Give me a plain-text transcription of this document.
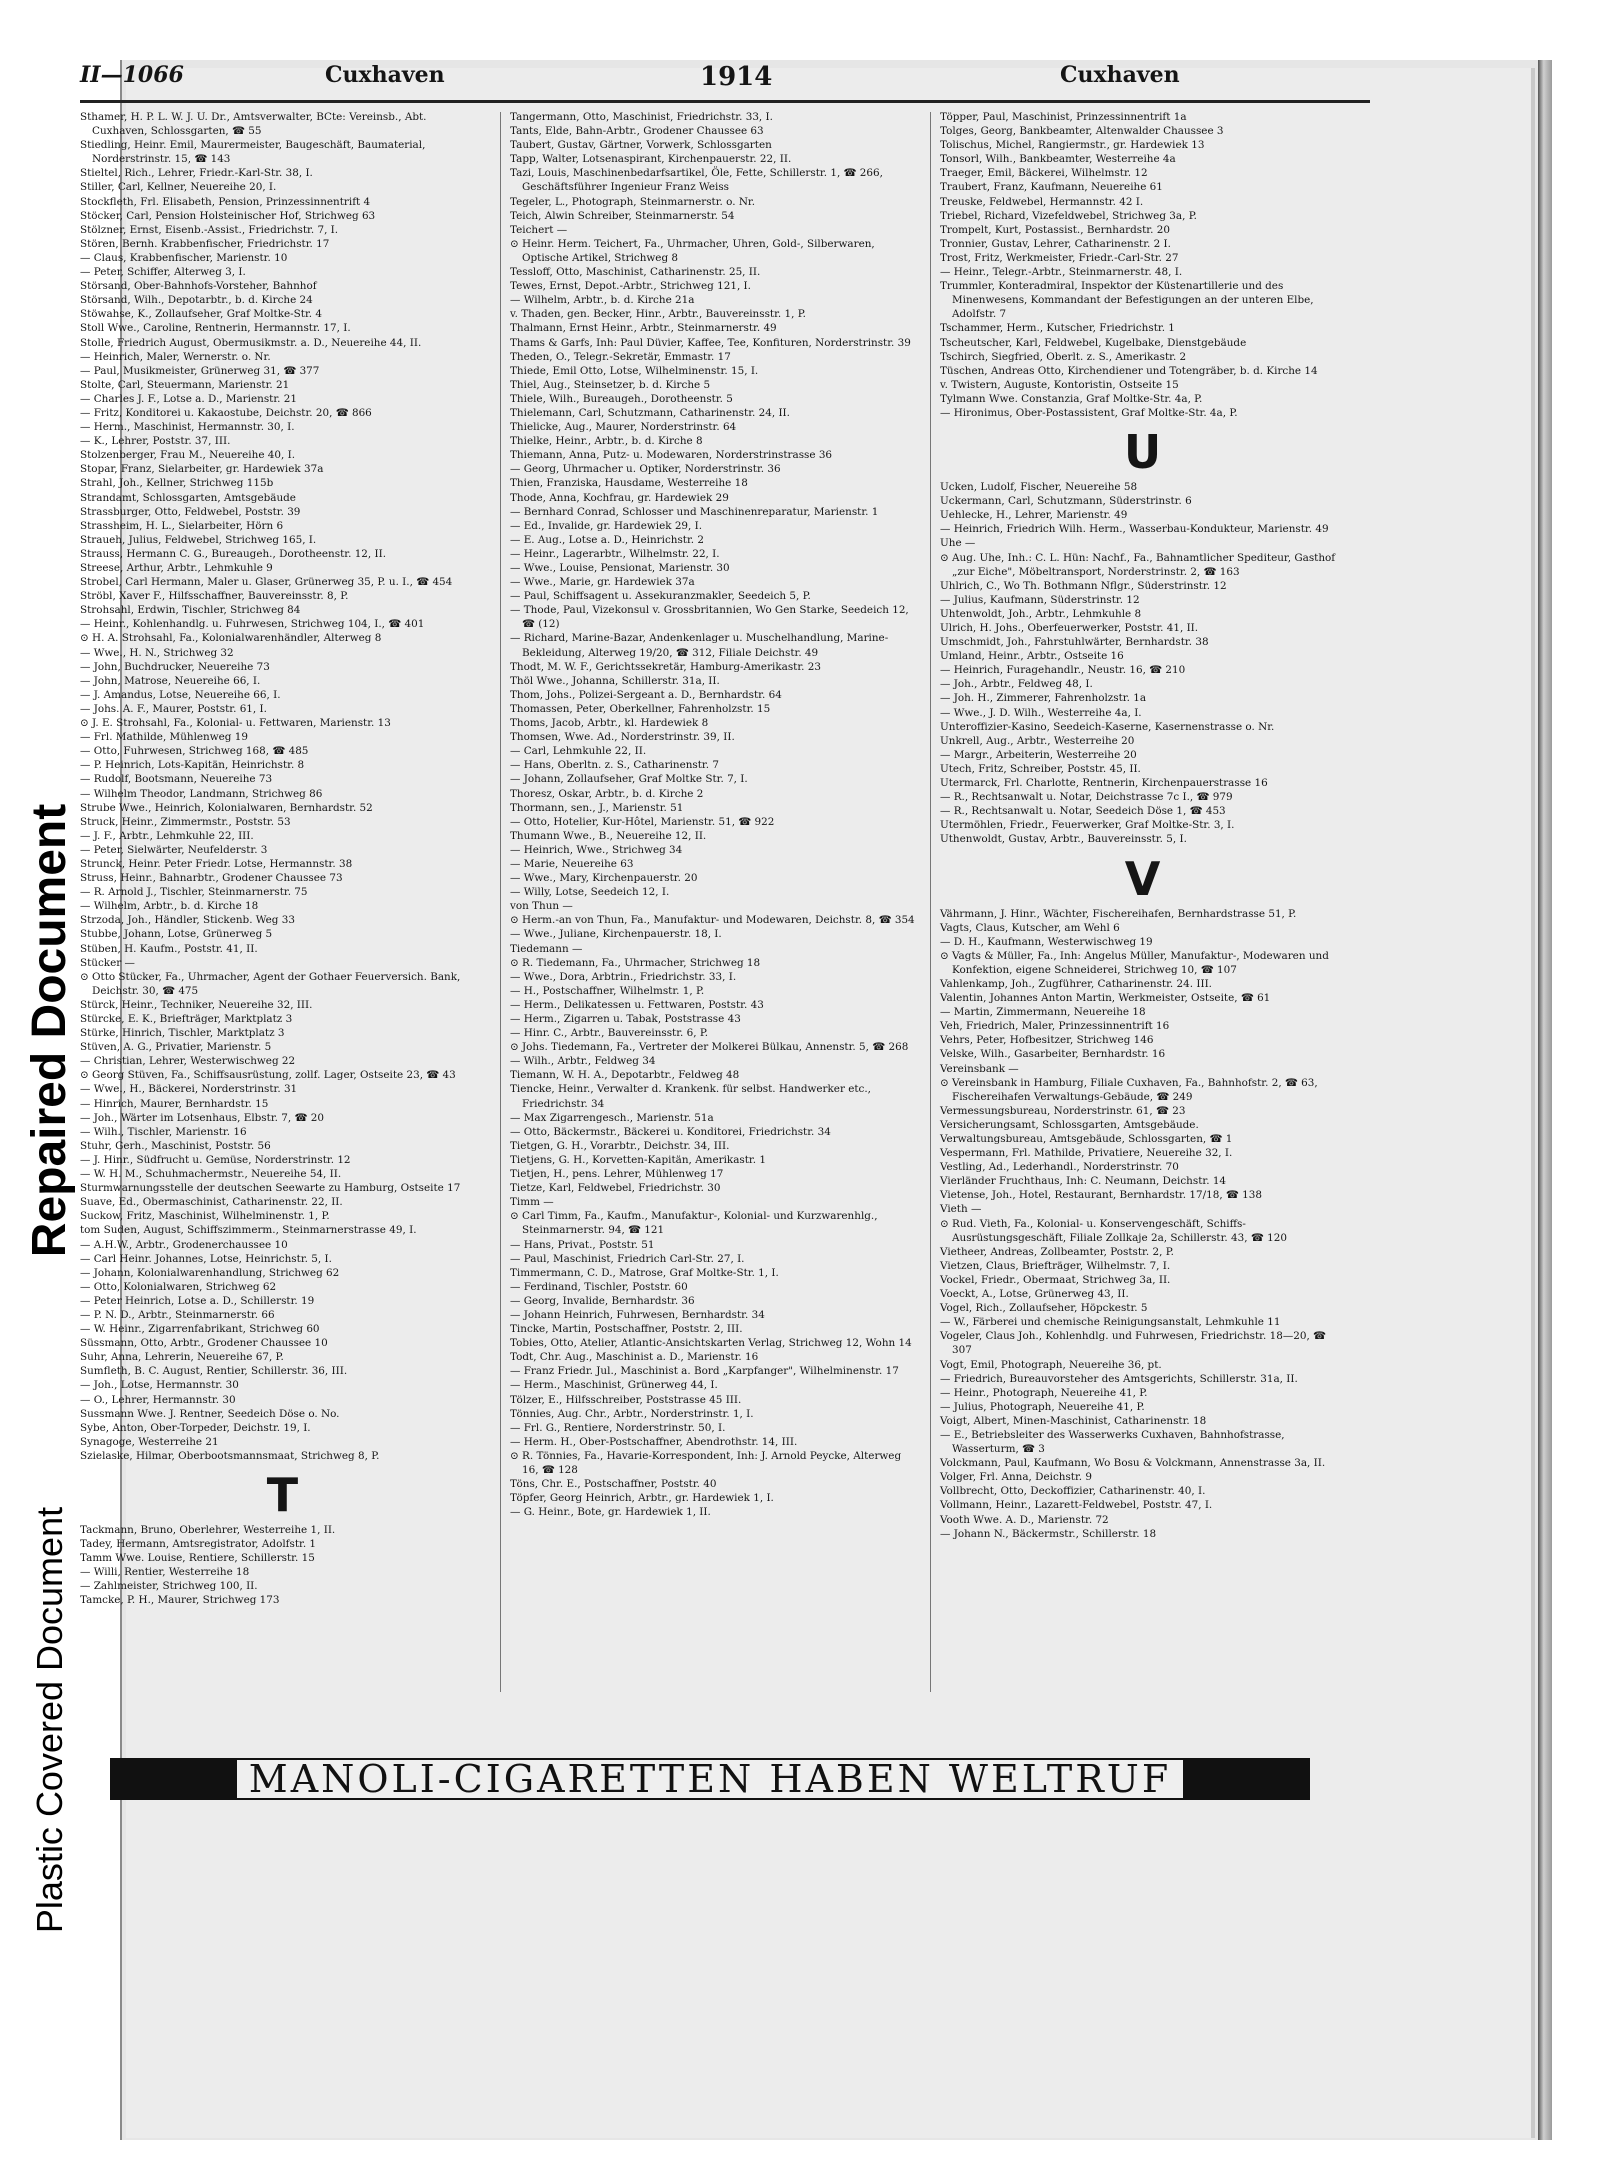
Repaired Document
Plastic Covered Document
II—1066	Cuxhaven	1914	Cuxhaven
Sthamer, H. P. L. W. J. U. Dr., Amtsverwalter, BCte: Vereinsb., Abt. Cuxhaven, Schlossgarten, ☎ 55
Stiedling, Heinr. Emil, Maurermeister, Baugeschäft, Baumaterial, Norderstrinstr. 15, ☎ 143
Stieltel, Rich., Lehrer, Friedr.-Karl-Str. 38, I.
Stiller, Carl, Kellner, Neuereihe 20, I.
Stockfleth, Frl. Elisabeth, Pension, Prinzessinnentrift 4
Stöcker, Carl, Pension Holsteinischer Hof, Strichweg 63
Stölzner, Ernst, Eisenb.-Assist., Friedrichstr. 7, I.
Stören, Bernh. Krabbenfischer, Friedrichstr. 17
— Claus, Krabbenfischer, Marienstr. 10
— Peter, Schiffer, Alterweg 3, I.
Störsand, Ober-Bahnhofs-Vorsteher, Bahnhof
Störsand, Wilh., Depotarbtr., b. d. Kirche 24
Stöwahse, K., Zollaufseher, Graf Moltke-Str. 4
Stoll Wwe., Caroline, Rentnerin, Hermannstr. 17, I.
Stolle, Friedrich August, Obermusikmstr. a. D., Neuereihe 44, II.
— Heinrich, Maler, Wernerstr. o. Nr.
— Paul, Musikmeister, Grünerweg 31, ☎ 377
Stolte, Carl, Steuermann, Marienstr. 21
— Charles J. F., Lotse a. D., Marienstr. 21
— Fritz, Konditorei u. Kakaostube, Deichstr. 20, ☎ 866
— Herm., Maschinist, Hermannstr. 30, I.
— K., Lehrer, Poststr. 37, III.
Stolzenberger, Frau M., Neuereihe 40, I.
Stopar, Franz, Sielarbeiter, gr. Hardewiek 37a
Strahl, Joh., Kellner, Strichweg 115b
Strandamt, Schlossgarten, Amtsgebäude
Strassburger, Otto, Feldwebel, Poststr. 39
Strassheim, H. L., Sielarbeiter, Hörn 6
Straueh, Julius, Feldwebel, Strichweg 165, I.
Strauss, Hermann C. G., Bureaugeh., Dorotheenstr. 12, II.
Streese, Arthur, Arbtr., Lehmkuhle 9
Strobel, Carl Hermann, Maler u. Glaser, Grünerweg 35, P. u. I., ☎ 454
Ströbl, Xaver F., Hilfsschaffner, Bauvereinsstr. 8, P.
Strohsahl, Erdwin, Tischler, Strichweg 84
— Heinr., Kohlenhandlg. u. Fuhrwesen, Strichweg 104, I., ☎ 401
⊙ H. A. Strohsahl, Fa., Kolonialwarenhändler, Alterweg 8
— Wwe., H. N., Strichweg 32
— John, Buchdrucker, Neuereihe 73
— John, Matrose, Neuereihe 66, I.
— J. Amandus, Lotse, Neuereihe 66, I.
— Johs. A. F., Maurer, Poststr. 61, I.
⊙ J. E. Strohsahl, Fa., Kolonial- u. Fettwaren, Marienstr. 13
— Frl. Mathilde, Mühlenweg 19
— Otto, Fuhrwesen, Strichweg 168, ☎ 485
— P. Heinrich, Lots-Kapitän, Heinrichstr. 8
— Rudolf, Bootsmann, Neuereihe 73
— Wilhelm Theodor, Landmann, Strichweg 86
Strube Wwe., Heinrich, Kolonialwaren, Bernhardstr. 52
Struck, Heinr., Zimmermstr., Poststr. 53
— J. F., Arbtr., Lehmkuhle 22, III.
— Peter, Sielwärter, Neufelderstr. 3
Strunck, Heinr. Peter Friedr. Lotse, Hermannstr. 38
Struss, Heinr., Bahnarbtr., Grodener Chaussee 73
— R. Arnold J., Tischler, Steinmarnerstr. 75
— Wilhelm, Arbtr., b. d. Kirche 18
Strzoda, Joh., Händler, Stickenb. Weg 33
Stubbe, Johann, Lotse, Grünerweg 5
Stüben, H. Kaufm., Poststr. 41, II.
Stücker —
⊙ Otto Stücker, Fa., Uhrmacher, Agent der Gothaer Feuerversich. Bank, Deichstr. 30, ☎ 475
Stürck, Heinr., Techniker, Neuereihe 32, III.
Stürcke, E. K., Briefträger, Marktplatz 3
Stürke, Hinrich, Tischler, Marktplatz 3
Stüven, A. G., Privatier, Marienstr. 5
— Christian, Lehrer, Westerwischweg 22
⊙ Georg Stüven, Fa., Schiffsausrüstung, zollf. Lager, Ostseite 23, ☎ 43
— Wwe., H., Bäckerei, Norderstrinstr. 31
— Hinrich, Maurer, Bernhardstr. 15
— Joh., Wärter im Lotsenhaus, Elbstr. 7, ☎ 20
— Wilh., Tischler, Marienstr. 16
Stuhr, Gerh., Maschinist, Poststr. 56
— J. Hinr., Südfrucht u. Gemüse, Norderstrinstr. 12
— W. H. M., Schuhmachermstr., Neuereihe 54, II.
Sturmwarnungsstelle der deutschen Seewarte zu Hamburg, Ostseite 17
Suave, Ed., Obermaschinist, Catharinenstr. 22, II.
Suckow, Fritz, Maschinist, Wilhelminenstr. 1, P.
tom Suden, August, Schiffszimmerm., Steinmarnerstrasse 49, I.
— A.H.W., Arbtr., Grodenerchaussee 10
— Carl Heinr. Johannes, Lotse, Heinrichstr. 5, I.
— Johann, Kolonialwarenhandlung, Strichweg 62
— Otto, Kolonialwaren, Strichweg 62
— Peter Heinrich, Lotse a. D., Schillerstr. 19
— P. N. D., Arbtr., Steinmarnerstr. 66
— W. Heinr., Zigarrenfabrikant, Strichweg 60
Süssmann, Otto, Arbtr., Grodener Chaussee 10
Suhr, Anna, Lehrerin, Neuereihe 67, P.
Sumfleth, B. C. August, Rentier, Schillerstr. 36, III.
— Joh., Lotse, Hermannstr. 30
— O., Lehrer, Hermannstr. 30
Sussmann Wwe. J. Rentner, Seedeich Döse o. No.
Sybe, Anton, Ober-Torpeder, Deichstr. 19, I.
Synagoge, Westerreihe 21
Szielaske, Hilmar, Oberbootsmannsmaat, Strichweg 8, P.
T
Tackmann, Bruno, Oberlehrer, Westerreihe 1, II.
Tadey, Hermann, Amtsregistrator, Adolfstr. 1
Tamm Wwe. Louise, Rentiere, Schillerstr. 15
— Willi, Rentier, Westerreihe 18
— Zahlmeister, Strichweg 100, II.
Tamcke, P. H., Maurer, Strichweg 173
Tangermann, Otto, Maschinist, Friedrichstr. 33, I.
Tants, Elde, Bahn-Arbtr., Grodener Chaussee 63
Taubert, Gustav, Gärtner, Vorwerk, Schlossgarten
Tapp, Walter, Lotsenaspirant, Kirchenpauerstr. 22, II.
Tazi, Louis, Maschinenbedarfsartikel, Öle, Fette, Schillerstr. 1, ☎ 266, Geschäftsführer Ingenieur Franz Weiss
Tegeler, L., Photograph, Steinmarnerstr. o. Nr.
Teich, Alwin Schreiber, Steinmarnerstr. 54
Teichert —
⊙ Heinr. Herm. Teichert, Fa., Uhrmacher, Uhren, Gold-, Silberwaren, Optische Artikel, Strichweg 8
Tessloff, Otto, Maschinist, Catharinenstr. 25, II.
Tewes, Ernst, Depot.-Arbtr., Strichweg 121, I.
— Wilhelm, Arbtr., b. d. Kirche 21a
v. Thaden, gen. Becker, Hinr., Arbtr., Bauvereinsstr. 1, P.
Thalmann, Ernst Heinr., Arbtr., Steinmarnerstr. 49
Thams & Garfs, Inh: Paul Düvier, Kaffee, Tee, Konfituren, Norderstrinstr. 39
Theden, O., Telegr.-Sekretär, Emmastr. 17
Thiede, Emil Otto, Lotse, Wilhelminenstr. 15, I.
Thiel, Aug., Steinsetzer, b. d. Kirche 5
Thiele, Wilh., Bureaugeh., Dorotheenstr. 5
Thielemann, Carl, Schutzmann, Catharinenstr. 24, II.
Thielicke, Aug., Maurer, Norderstrinstr. 64
Thielke, Heinr., Arbtr., b. d. Kirche 8
Thiemann, Anna, Putz- u. Modewaren, Norderstrinstrasse 36
— Georg, Uhrmacher u. Optiker, Norderstrinstr. 36
Thien, Franziska, Hausdame, Westerreihe 18
Thode, Anna, Kochfrau, gr. Hardewiek 29
— Bernhard Conrad, Schlosser und Maschinenreparatur, Marienstr. 1
— Ed., Invalide, gr. Hardewiek 29, I.
— E. Aug., Lotse a. D., Heinrichstr. 2
— Heinr., Lagerarbtr., Wilhelmstr. 22, I.
— Wwe., Louise, Pensionat, Marienstr. 30
— Wwe., Marie, gr. Hardewiek 37a
— Paul, Schiffsagent u. Assekuranzmakler, Seedeich 5, P.
— Thode, Paul, Vizekonsul v. Grossbritannien, Wo Gen Starke, Seedeich 12, ☎ (12)
— Richard, Marine-Bazar, Andenkenlager u. Muschelhandlung, Marine-Bekleidung, Alterweg 19/20, ☎ 312, Filiale Deichstr. 49
Thodt, M. W. F., Gerichtssekretär, Hamburg-Amerikastr. 23
Thöl Wwe., Johanna, Schillerstr. 31a, II.
Thom, Johs., Polizei-Sergeant a. D., Bernhardstr. 64
Thomassen, Peter, Oberkellner, Fahrenholzstr. 15
Thoms, Jacob, Arbtr., kl. Hardewiek 8
Thomsen, Wwe. Ad., Norderstrinstr. 39, II.
— Carl, Lehmkuhle 22, II.
— Hans, Oberltn. z. S., Catharinenstr. 7
— Johann, Zollaufseher, Graf Moltke Str. 7, I.
Thoresz, Oskar, Arbtr., b. d. Kirche 2
Thormann, sen., J., Marienstr. 51
— Otto, Hotelier, Kur-Hôtel, Marienstr. 51, ☎ 922
Thumann Wwe., B., Neuereihe 12, II.
— Heinrich, Wwe., Strichweg 34
— Marie, Neuereihe 63
— Wwe., Mary, Kirchenpauerstr. 20
— Willy, Lotse, Seedeich 12, I.
von Thun —
⊙ Herm.-an von Thun, Fa., Manufaktur- und Modewaren, Deichstr. 8, ☎ 354
— Wwe., Juliane, Kirchenpauerstr. 18, I.
Tiedemann —
⊙ R. Tiedemann, Fa., Uhrmacher, Strichweg 18
— Wwe., Dora, Arbtrin., Friedrichstr. 33, I.
— H., Postschaffner, Wilhelmstr. 1, P.
— Herm., Delikatessen u. Fettwaren, Poststr. 43
— Herm., Zigarren u. Tabak, Poststrasse 43
— Hinr. C., Arbtr., Bauvereinsstr. 6, P.
⊙ Johs. Tiedemann, Fa., Vertreter der Molkerei Bülkau, Annenstr. 5, ☎ 268
— Wilh., Arbtr., Feldweg 34
Tiemann, W. H. A., Depotarbtr., Feldweg 48
Tiencke, Heinr., Verwalter d. Krankenk. für selbst. Handwerker etc., Friedrichstr. 34
— Max Zigarrengesch., Marienstr. 51a
— Otto, Bäckermstr., Bäckerei u. Konditorei, Friedrichstr. 34
Tietgen, G. H., Vorarbtr., Deichstr. 34, III.
Tietjens, G. H., Korvetten-Kapitän, Amerikastr. 1
Tietjen, H., pens. Lehrer, Mühlenweg 17
Tietze, Karl, Feldwebel, Friedrichstr. 30
Timm —
⊙ Carl Timm, Fa., Kaufm., Manufaktur-, Kolonial- und Kurzwarenhlg., Steinmarnerstr. 94, ☎ 121
— Hans, Privat., Poststr. 51
— Paul, Maschinist, Friedrich Carl-Str. 27, I.
Timmermann, C. D., Matrose, Graf Moltke-Str. 1, I.
— Ferdinand, Tischler, Poststr. 60
— Georg, Invalide, Bernhardstr. 36
— Johann Heinrich, Fuhrwesen, Bernhardstr. 34
Tincke, Martin, Postschaffner, Poststr. 2, III.
Tobies, Otto, Atelier, Atlantic-Ansichtskarten Verlag, Strichweg 12, Wohn 14
Todt, Chr. Aug., Maschinist a. D., Marienstr. 16
— Franz Friedr. Jul., Maschinist a. Bord „Karpfanger", Wilhelminenstr. 17
— Herm., Maschinist, Grünerweg 44, I.
Tölzer, E., Hilfsschreiber, Poststrasse 45 III.
Tönnies, Aug. Chr., Arbtr., Norderstrinstr. 1, I.
— Frl. G., Rentiere, Norderstrinstr. 50, I.
— Herm. H., Ober-Postschaffner, Abendrothstr. 14, III.
⊙ R. Tönnies, Fa., Havarie-Korrespondent, Inh: J. Arnold Peycke, Alterweg 16, ☎ 128
Töns, Chr. E., Postschaffner, Poststr. 40
Töpfer, Georg Heinrich, Arbtr., gr. Hardewiek 1, I.
— G. Heinr., Bote, gr. Hardewiek 1, II.
Töpper, Paul, Maschinist, Prinzessinnentrift 1a
Tolges, Georg, Bankbeamter, Altenwalder Chaussee 3
Tolischus, Michel, Rangiermstr., gr. Hardewiek 13
Tonsorl, Wilh., Bankbeamter, Westerreihe 4a
Traeger, Emil, Bäckerei, Wilhelmstr. 12
Traubert, Franz, Kaufmann, Neuereihe 61
Treuske, Feldwebel, Hermannstr. 42 I.
Triebel, Richard, Vizefeldwebel, Strichweg 3a, P.
Trompelt, Kurt, Postassist., Bernhardstr. 20
Tronnier, Gustav, Lehrer, Catharinenstr. 2 I.
Trost, Fritz, Werkmeister, Friedr.-Carl-Str. 27
— Heinr., Telegr.-Arbtr., Steinmarnerstr. 48, I.
Trummler, Konteradmiral, Inspektor der Küstenartillerie und des Minenwesens, Kommandant der Befestigungen an der unteren Elbe, Adolfstr. 7
Tschammer, Herm., Kutscher, Friedrichstr. 1
Tscheutscher, Karl, Feldwebel, Kugelbake, Dienstgebäude
Tschirch, Siegfried, Oberlt. z. S., Amerikastr. 2
Tüschen, Andreas Otto, Kirchendiener und Totengräber, b. d. Kirche 14
v. Twistern, Auguste, Kontoristin, Ostseite 15
Tylmann Wwe. Constanzia, Graf Moltke-Str. 4a, P.
— Hironimus, Ober-Postassistent, Graf Moltke-Str. 4a, P.
U
Ucken, Ludolf, Fischer, Neuereihe 58
Uckermann, Carl, Schutzmann, Süderstrinstr. 6
Uehlecke, H., Lehrer, Marienstr. 49
— Heinrich, Friedrich Wilh. Herm., Wasserbau-Kondukteur, Marienstr. 49
Uhe —
⊙ Aug. Uhe, Inh.: C. L. Hün: Nachf., Fa., Bahnamtlicher Spediteur, Gasthof „zur Eiche", Möbeltransport, Norderstrinstr. 2, ☎ 163
Uhlrich, C., Wo Th. Bothmann Nflgr., Süderstrinstr. 12
— Julius, Kaufmann, Süderstrinstr. 12
Uhtenwoldt, Joh., Arbtr., Lehmkuhle 8
Ulrich, H. Johs., Oberfeuerwerker, Poststr. 41, II.
Umschmidt, Joh., Fahrstuhlwärter, Bernhardstr. 38
Umland, Heinr., Arbtr., Ostseite 16
— Heinrich, Furagehandlr., Neustr. 16, ☎ 210
— Joh., Arbtr., Feldweg 48, I.
— Joh. H., Zimmerer, Fahrenholzstr. 1a
— Wwe., J. D. Wilh., Westerreihe 4a, I.
Unteroffizier-Kasino, Seedeich-Kaserne, Kasernenstrasse o. Nr.
Unkrell, Aug., Arbtr., Westerreihe 20
— Margr., Arbeiterin, Westerreihe 20
Utech, Fritz, Schreiber, Poststr. 45, II.
Utermarck, Frl. Charlotte, Rentnerin, Kirchenpauerstrasse 16
— R., Rechtsanwalt u. Notar, Deichstrasse 7c I., ☎ 979
— R., Rechtsanwalt u. Notar, Seedeich Döse 1, ☎ 453
Utermöhlen, Friedr., Feuerwerker, Graf Moltke-Str. 3, I.
Uthenwoldt, Gustav, Arbtr., Bauvereinsstr. 5, I.
V
Vährmann, J. Hinr., Wächter, Fischereihafen, Bernhardstrasse 51, P.
Vagts, Claus, Kutscher, am Wehl 6
— D. H., Kaufmann, Westerwischweg 19
⊙ Vagts & Müller, Fa., Inh: Angelus Müller, Manufaktur-, Modewaren und Konfektion, eigene Schneiderei, Strichweg 10, ☎ 107
Vahlenkamp, Joh., Zugführer, Catharinenstr. 24. III.
Valentin, Johannes Anton Martin, Werkmeister, Ostseite, ☎ 61
— Martin, Zimmermann, Neuereihe 18
Veh, Friedrich, Maler, Prinzessinnentrift 16
Vehrs, Peter, Hofbesitzer, Strichweg 146
Velske, Wilh., Gasarbeiter, Bernhardstr. 16
Vereinsbank —
⊙ Vereinsbank in Hamburg, Filiale Cuxhaven, Fa., Bahnhofstr. 2, ☎ 63, Fischereihafen Verwaltungs-Gebäude, ☎ 249
Vermessungsbureau, Norderstrinstr. 61, ☎ 23
Versicherungsamt, Schlossgarten, Amtsgebäude.
Verwaltungsbureau, Amtsgebäude, Schlossgarten, ☎ 1
Vespermann, Frl. Mathilde, Privatiere, Neuereihe 32, I.
Vestling, Ad., Lederhandl., Norderstrinstr. 70
Vierländer Fruchthaus, Inh: C. Neumann, Deichstr. 14
Vietense, Joh., Hotel, Restaurant, Bernhardstr. 17/18, ☎ 138
Vieth —
⊙ Rud. Vieth, Fa., Kolonial- u. Konservengeschäft, Schiffs-Ausrüstungsgeschäft, Filiale Zollkaje 2a, Schillerstr. 43, ☎ 120
Vietheer, Andreas, Zollbeamter, Poststr. 2, P.
Vietzen, Claus, Briefträger, Wilhelmstr. 7, I.
Vockel, Friedr., Obermaat, Strichweg 3a, II.
Voeckt, A., Lotse, Grünerweg 43, II.
Vogel, Rich., Zollaufseher, Höpckestr. 5
— W., Färberei und chemische Reinigungsanstalt, Lehmkuhle 11
Vogeler, Claus Joh., Kohlenhdlg. und Fuhrwesen, Friedrichstr. 18—20, ☎ 307
Vogt, Emil, Photograph, Neuereihe 36, pt.
— Friedrich, Bureauvorsteher des Amtsgerichts, Schillerstr. 31a, II.
— Heinr., Photograph, Neuereihe 41, P.
— Julius, Photograph, Neuereihe 41, P.
Voigt, Albert, Minen-Maschinist, Catharinenstr. 18
— E., Betriebsleiter des Wasserwerks Cuxhaven, Bahnhofstrasse, Wasserturm, ☎ 3
Volckmann, Paul, Kaufmann, Wo Bosu & Volckmann, Annenstrasse 3a, II.
Volger, Frl. Anna, Deichstr. 9
Vollbrecht, Otto, Deckoffizier, Catharinenstr. 40, I.
Vollmann, Heinr., Lazarett-Feldwebel, Poststr. 47, I.
Vooth Wwe. A. D., Marienstr. 72
— Johann N., Bäckermstr., Schillerstr. 18
MANOLI-CIGARETTEN HABEN WELTRUF
